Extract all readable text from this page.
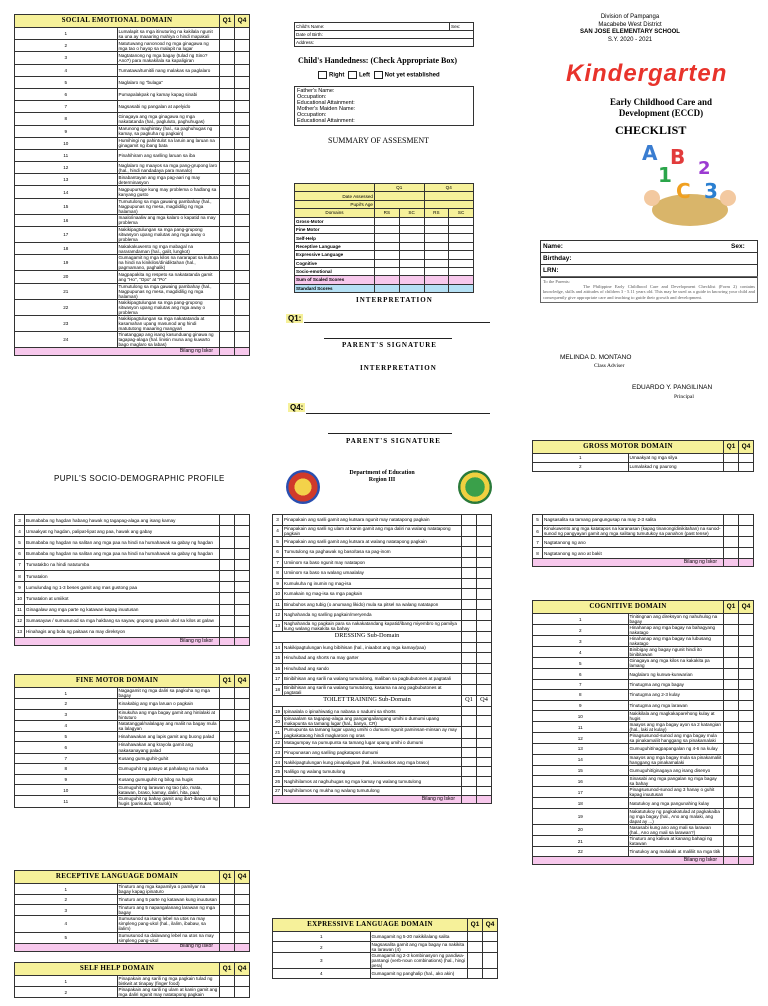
SOCIAL EMOTIONAL DOMAIN		Q1	Q4
1	Lumalapit sa mga itinuturing na kakilala ngunit sa una ay maaaring mahiya o hindi mapakali		
2	Natutuwang nanonood ng mga ginagawa ng mga tao o hayop sa malapit na lugar		
3	Nagtatanong ng mga bagay (tulad ng Sino? Ano?) para makakilala sa kapaligiran		
4	Tumatawa/tumitili nang malakas sa paglalaro		
5	Naglalaro ng "bulaga"		
6	Pumapalakpak ng kamay kapag sinabi		
7	Nagsasabi ng pangalan at apelyido		
8	Ginagaya ang mga ginagawa ng mga nakatatanda (hal., pagluluto, paghuhugas)		
9	Marunong maghintay (hal., sa paghuhugas ng kamay, sa pagkuha ng pagkain)		
10	Humihingi ng pahintulot na laruin ang laruan na ginagamit ng ibang bata		
11	Pinahihiram ang sariling laruan sa iba		
12	Naglalaro ng maayos sa mga pang-grupong laro (hal., hindi nandadaya para manalo)		
13	Binabantayan ang mga pag-aari ng may determinasyon		
14	Nagpupursige kung may problema o hadlang sa kanyang gusto		
15	Tumutulong sa mga gawaing pambahay (hal., Nagpupunas ng mesa, magdidilig ng mga halaman)		
16	Inaalo/inaaliw ang mga kalaro o kapatid na may problema		
17	Nakikipagtulungan sa mga pang-grupong sitwasyon upang malutas ang mga away o problema		
18	Nakakakuwento ng mga mabagal na nararamdaman (hal., galit, lungkot)		
19	Gumagamit ng mga kilos na nararapat sa kultura na hindi na kinikilos/dinidiktahan (hal., pagmamano, paghalik)		
20	Nagpapakita ng respeto sa nakatatanda gamit ang "Ho", "Opo" at "Po"		
21	Tumutulong sa mga gawaing pambahay (hal., Nagpupunas ng mesa, magdidilig ng mga halaman)		
22	Nakikipagtulungan sa mga pang-grupong sitwasyon upang malutas ang mga away o problema		
23	Nakikipagtulungan sa mga nakatatanda at kasamahan upang masunod ang hindi matututong maaaring mangyari		
24	Tinatanggap ang isang kasunduang ginawa ng tagapag-alaga (hal. linisin muna ang kuwarto bago maglaro sa labas)		
Bilang ng Iskor			
Child's Name:	Sex:
Date of Birth:
Address:
Child's Handedness: (Check Appropriate Box)
Right Left Not yet established
Father's Name:
Occupation:
Educational Attainment:
Mother's Maiden Name:
Occupation:
Educational Attainment:
SUMMARY OF ASSESMENT
	Q1		Q4	
Date Assessed				
Pupil's Age				
Domains	RS	SC	RS	SC
Gross-Motor				
Fine Motor				
Self-Help				
Receptive Language				
Expressive Language				
Cognitive				
Socio-emotional				
Sum of Scaled Scores				
Standard Scores				
INTERPRETATION
Q1:
PARENT'S SIGNATURE
INTERPRETATION
Q4:
PARENT'S SIGNATURE
Division of Pampanga
Macabebe West District
SAN JOSE ELEMENTARY SCHOOL
S.Y. 2020 - 2021
Kindergarten
Early Childhood Care and Development (ECCD)
CHECKLIST
A B
1
C
2
3
Name:	Sex:
Birthday:
LRN:
To the Parents:
The Philippine Early Childhood Care and Development Checklist (Form 2) contains knowledge, skills and attitudes of children 3 - 5.11 years old. This may be used as a guide in knowing your child and consequently give appropriate care and teaching to guide their growth and development.
MELINDA D. MONTANO
Class Adviser
EDUARDO Y. PANGILINAN
Principal
PUPIL'S SOCIO-DEMOGRAPHIC PROFILE
Department of Education
Region III
GROSS MOTOR DOMAIN		Q1	Q4
1	Umaakyat ng mga silya		
2	Lumalakad ng paurong		
3	Bumababa ng hagdan habang hawak ng tagapag-alaga ang isang kamay		
4	Umaakyat ng hagdan, palipat-lipat ang paa, hawak ang gabay		
5	Bumababa ng hagdan na salitan ang mga paa na hindi na humahawak sa gabay ng hagdan		
6	Bumababa ng hagdan na salitan ang mga paa na hindi na humahawak sa gabay ng hagdan		
7	Tumatakbo na hindi natutumba		
8	Tumatalon		
9	Lumulundag ng 1-3 beses gamit ang mas gustong paa		
10	Tumatalon at umiikot		
11	Ginagalaw ang mga parte ng katawan kapag inuutusan		
12	Sumasayaw / sumusunod sa mga hakbang sa sayaw, grupong gawain ukol sa kilos at galaw		
13	Hinahagis ang bola ng paitaas na may direksyon		
Bilang ng Iskor			
FINE MOTOR DOMAIN		Q1	Q4
1	Nagagamit ng mga daliri sa pagkuha ng mga bagay		
2	Kinakabig ang mga laruan o pagkain		
3	Kinukuha ang mga bagay gamit ang hinlalaki at hintuturo		
4	Natatanggal/nalalagay ang maliit na bagay mula sa lalagyan		
5	Hinahawakan ang lapis gamit ang buong palad		
6	Hinahawakan ang krayola gamit ang nakasanayang palad		
7	Kusang gumuguhit-guhit		
8	Gumuguhit ng patayo at pahalang na marka		
9	Kusang gumuguhit ng bilog na hugis		
10	Gumuguhit ng larawan ng tao (ulo, mata, katawan, braso, kamay, daliri, hita, paa)		
11	Gumuguhit ng bahay gamit ang iba't-ibang uri ng hugis (parisukat, tatsulok)		
RECEPTIVE LANGUAGE DOMAIN		Q1	Q4
1	Tinuturo ang mga kapamilya o pamilyar na bagay kapag ipinaturo		
2	Tinuturo ang 5 parte ng katawan kung inuutusan		
3	Tinuturo ang 5 napangalanang larawan ng mga bagay		
4	Sumusunod sa isang lebel na utos na may simpleng pang-ukol (hal., ilalim, ibabaw, sa ilalim)		
5	Sumusunod sa dalawang lebel na utos na may simpleng pang-ukol		
Bilang ng Iskor			
SELF HELP DOMAIN		Q1	Q4
1	Pinapakain ang sarili ng mga pagkain tulad ng biskwit at tinapay (finger food)		
2	Pinapakain ang sarili ng ulam at kanin gamit ang mga daliri ngunit may natatapong pagkain		
3	Pinapakain ang sarili gamit ang kutsara ngunit may natatapong pagkain		
4	Pinapakain ang sarili ng ulam at kanin gamit ang mga daliri na walang natatapong pagkain		
5	Pinapakain ang sarili gamit ang kutsara at walang natatapong pagkain		
6	Tumutulong sa paghawak ng baso/tasa sa pag-inom		
7	Umiinom sa baso ngunit may natatapon		
8	Umiinom sa baso na walang umaalalay		
9	Kumukuha ng inumin ng mag-isa		
10	Kumakain ng mag-isa sa mga pagkain		
11	Binubuhos ang tubig (o anumang likido) mula sa pitsel na walang natatapon		
12	Naghahanda ng sariling pagkain/meryenda		
13	Naghahanda ng pagkain para sa nakakatandang kapatid/ibang miyembro ng pamilya kung walang makakita sa bahay		
DRESSING Sub-Domain			
14	Nakikipagtulungan kung bibihisan (hal., iniaabot ang mga kamay/paa)		
15	Hinuhubad ang shorts na may garter		
16	Hinuhubad ang sando		
17	Binibihisan ang sarili na walang tumutulong, maliban sa pagbubutones at pagtatali		
18	Binibihisan ang sarili na walang tumutulong, kasama na ang pagbubutones at pagtatali		
TOILET TRAINING Sub-Domain		Q1	Q4
19	Ipinaalala o ipinahiwatig na nabasa o nadumi sa shorts		
20	Ipinaaalam sa tagapag-alaga ang pangangailangang umihi o dumumi upang makapunta sa tamang lugar (hal., banyo, CR)		
21	Pumupunta sa tamang lugar upang umihi o dumumi ngunit paminsan-minsan ay may pagkakataong hindi magkaroon ng oras		
22	Matagumpay na pumupunta sa tamang lugar upang umihi o dumumi		
23	Pinupunasan ang sariling pagkatapos dumumi		
24	Nakikipagtulungan kung pinapaliguan (hal., kinukuskos ang mga braso)		
25	Naliligo ng walang tumutulong		
26	Naghihilamos at naghuhugas ng mga kamay ng walang tumutulong		
27	Naghihilamos ng mukha ng walang tumutulong		
Bilang ng Iskor			
EXPRESSIVE LANGUAGE DOMAIN		Q1	Q4
1	Gumagamit ng 5-20 nakikilalang salita		
2	Nagsasalita gamit ang mga bagay na nakikita sa larawan (4)		
3	Gumagamit ng 2-3 kombinasyon ng pandiwa-pantangi (verb-noun combinations) (hal., hingi pera)		
4	Gumagamit ng panghalip (hal., ako akin)		
5	Nagsasalita sa tamang pangungusap na may 2-3 salita		
6	Kinukuwento ang mga katatapos na karanasan (kapag tinanong/dinikitahan) na sunod-sunod ng pangyayari gamit ang mga salitang tumutukoy sa panahon (past tense)		
7	Nagtatanong ng ano		
8	Nagtatanong ng ano at bakit		
Bilang ng Iskor			
COGNITIVE DOMAIN		Q1	Q4
1	Tinitingnan ang direksyon ng nahuhulog na bagay		
2	Hinahanap ang mga bagay na bahagyang nakatago		
3	Hinahanap ang mga bagay na lubusang nakatago		
4	Binibigay ang bagay ngunit hindi ito binibitawan		
5	Ginagaya ang mga kilos na kakakita pa lamang		
6	Naglalaro ng kunwa-kunwarian		
7	Tinutugma ang mga bagay		
8	Tinutugma ang 2-3 kulay		
9	Tinutugma ang mga larawan		
10	Nakikilala ang magkakaparehong kulay at hugis		
11	Inaayos ang mga bagay ayon sa 2 katangian (hal., laki at kulay)		
12	Pinagsusunod-sunod ang mga bagay mula sa pinakamaliit hanggang sa pinakamalaki		
13	Gumuguhit/nagpapangalan ng 4-6 na kulay		
14	Inaayos ang mga bagay mula sa pinakamaliit hanggang sa pinakamalaki		
15	Gumuguhit/ginagaya ang isang disenyo		
16	Sinasabi ang mga pangalan ng mga bagay sa bahay		
17	Pinagsusunod-sunod ang 3 hanay o guhit kapag inuutusan		
18	Natutukoy ang mga pangunahing kulay		
19	Nakatutukoy ng pagkakatulad at pagkakaiba ng mga bagay (hal., Ano ang malaki, ang dapat ay ...)		
20	Nasasabi kung ano ang mali sa larawan (hal., Ano ang mali sa larawan?)		
21	Tinuturo ang kaliwa at kanang bahagi ng katawan		
22	Tinutukoy ang malalaki at maliliit na mga titik		
Bilang ng Iskor			
